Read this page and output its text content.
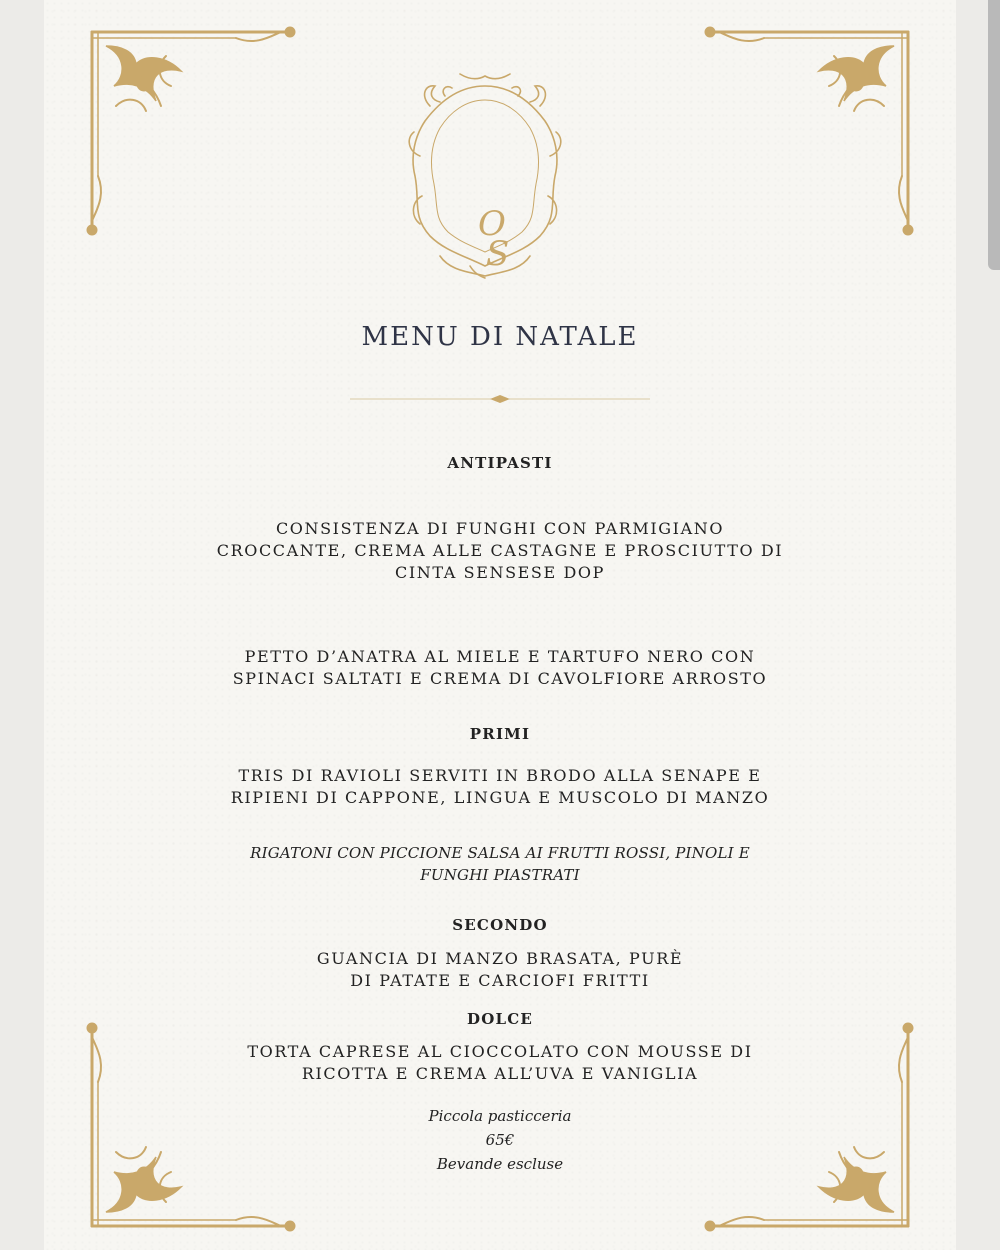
O
S
MENU DI NATALE
ANTIPASTI
CONSISTENZA DI FUNGHI CON PARMIGIANO
CROCCANTE, CREMA ALLE CASTAGNE E PROSCIUTTO DI
CINTA SENSESE DOP
PETTO D’ANATRA AL MIELE E TARTUFO NERO CON
SPINACI SALTATI E CREMA DI CAVOLFIORE ARROSTO
PRIMI
TRIS DI RAVIOLI SERVITI IN BRODO ALLA SENAPE E
RIPIENI DI CAPPONE, LINGUA E MUSCOLO DI MANZO
RIGATONI CON PICCIONE SALSA AI FRUTTI ROSSI, PINOLI E
FUNGHI PIASTRATI
SECONDO
GUANCIA DI MANZO BRASATA, PURÈ
DI PATATE E CARCIOFI FRITTI
DOLCE
TORTA CAPRESE AL CIOCCOLATO CON MOUSSE DI
RICOTTA E CREMA ALL’UVA E VANIGLIA
Piccola pasticceria
65€
Bevande escluse
